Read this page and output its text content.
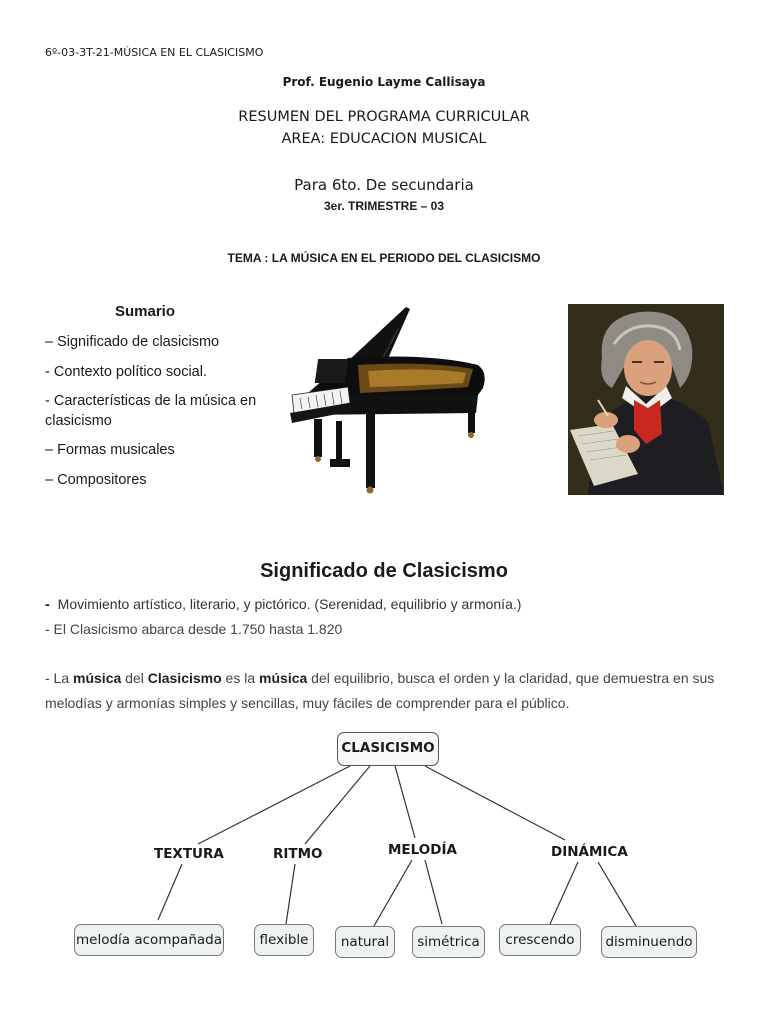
6º-03-3T-21-MÚSICA EN EL CLASICISMO
Prof. Eugenio Layme Callisaya
RESUMEN DEL PROGRAMA CURRICULAR
AREA: EDUCACION MUSICAL
Para 6to. De secundaria
3er. TRIMESTRE – 03
TEMA : LA MÚSICA EN EL PERIODO DEL CLASICISMO
Sumario
– Significado de clasicismo
- Contexto político social.
- Características de la música en clasicismo
– Formas musicales
– Compositores
Significado de Clasicismo
- Movimiento artístico, literario, y pictórico. (Serenidad, equilibrio y armonía.)
- El Clasicismo abarca desde 1.750 hasta 1.820
- La música del Clasicismo es la música del equilibrio, busca el orden y la claridad, que demuestra en sus melodías y armonías simples y sencillas, muy fáciles de comprender para el público.
CLASICISMO
TEXTURA	RITMO	MELODÍA	DINÁMICA
melodía acompañada	flexible	natural	simétrica	crescendo	disminuendo
